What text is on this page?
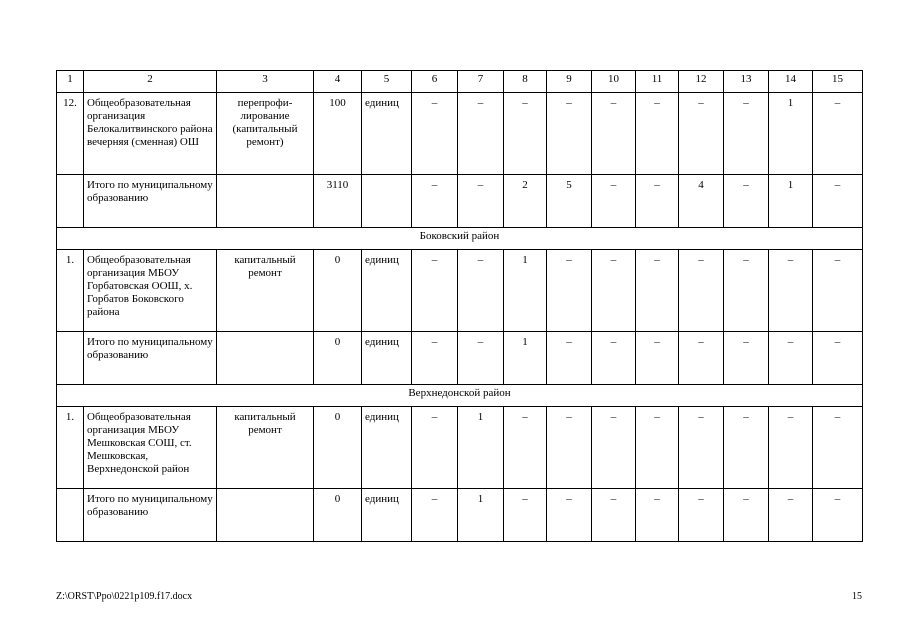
1	2	3	4	5	6	7	8	9	10	11	12	13	14	15
12.	Общеобразовательная организация Белокалитвинского района вечерняя (сменная) ОШ	перепрофи-лирование (капитальный ремонт)	100	единиц	–	–	–	–	–	–	–	–	1	–
	Итого по муниципальному образованию		3110		–	–	2	5	–	–	4	–	1	–
Боковский район														
1.	Общеобразовательная организация МБОУ Горбатовская ООШ, х. Горбатов Боковского района	капитальный ремонт	0	единиц	–	–	1	–	–	–	–	–	–	–
	Итого по муниципальному образованию		0	единиц	–	–	1	–	–	–	–	–	–	–
Верхнедонской район														
1.	Общеобразовательная организация МБОУ Мешковская СОШ, ст. Мешковская, Верхнедонской район	капитальный ремонт	0	единиц	–	1	–	–	–	–	–	–	–	–
	Итого по муниципальному образованию		0	единиц	–	1	–	–	–	–	–	–	–	–
Z:\ORST\Ppo\0221p109.f17.docx	15
